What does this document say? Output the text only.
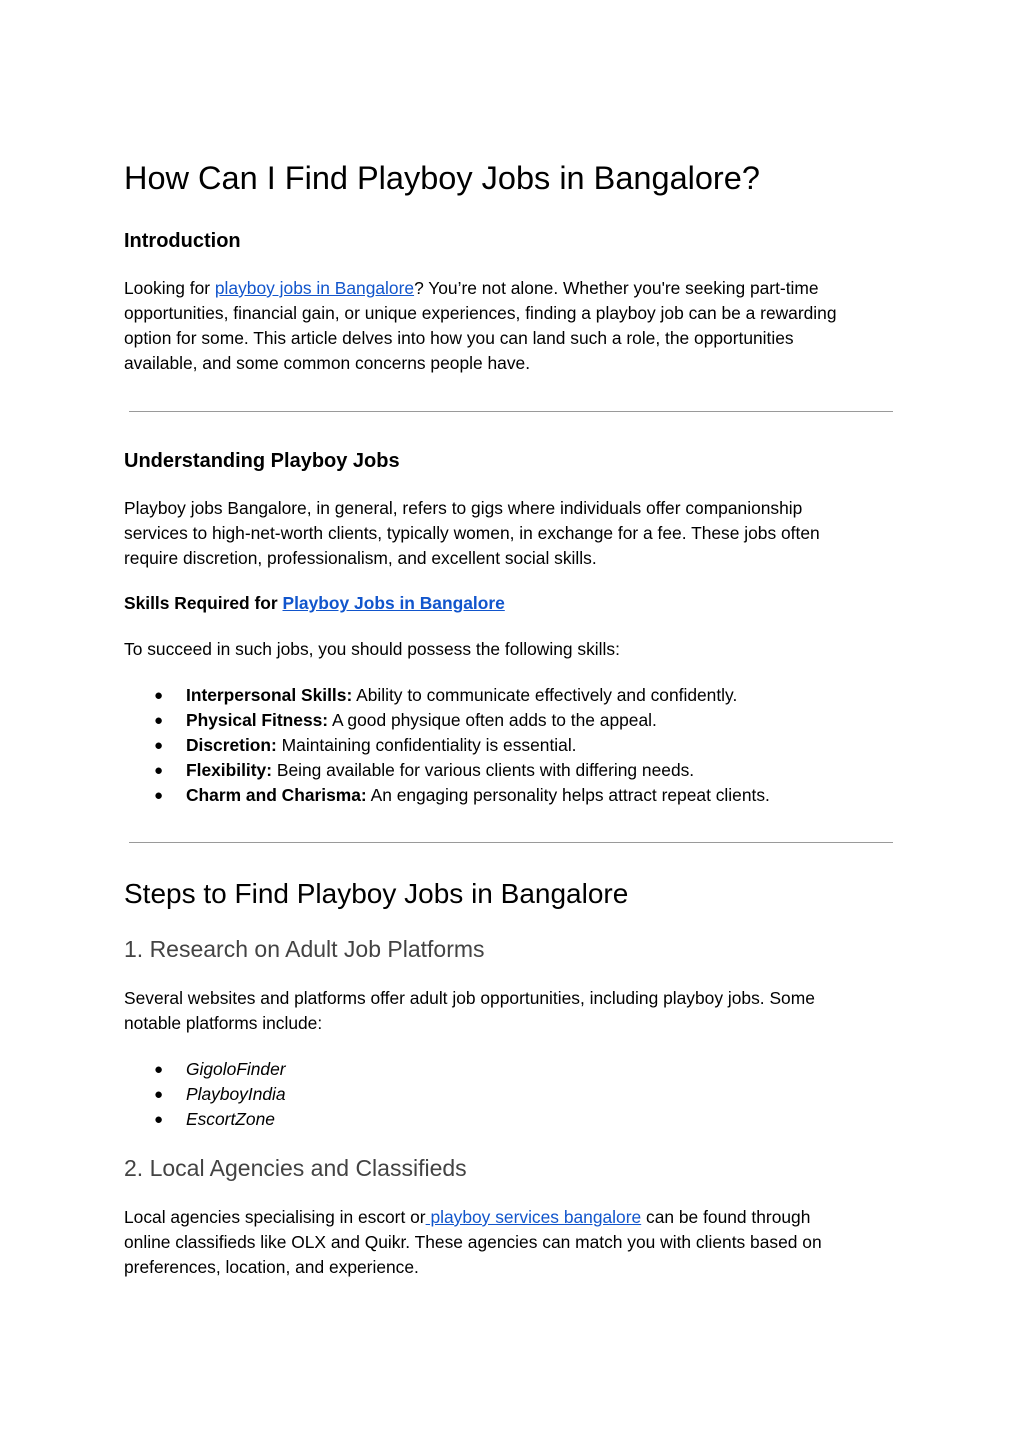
How Can I Find Playboy Jobs in Bangalore?
Introduction
Looking for playboy jobs in Bangalore? You’re not alone. Whether you're seeking part-time
opportunities, financial gain, or unique experiences, finding a playboy job can be a rewarding
option for some. This article delves into how you can land such a role, the opportunities
available, and some common concerns people have.
Understanding Playboy Jobs
Playboy jobs Bangalore, in general, refers to gigs where individuals offer companionship
services to high-net-worth clients, typically women, in exchange for a fee. These jobs often
require discretion, professionalism, and excellent social skills.
Skills Required for Playboy Jobs in Bangalore
To succeed in such jobs, you should possess the following skills:
● Interpersonal Skills: Ability to communicate effectively and confidently.
● Physical Fitness: A good physique often adds to the appeal.
● Discretion: Maintaining confidentiality is essential.
● Flexibility: Being available for various clients with differing needs.
● Charm and Charisma: An engaging personality helps attract repeat clients.
Steps to Find Playboy Jobs in Bangalore
1. Research on Adult Job Platforms
Several websites and platforms offer adult job opportunities, including playboy jobs. Some
notable platforms include:
● GigoloFinder
● PlayboyIndia
● EscortZone
2. Local Agencies and Classifieds
Local agencies specialising in escort or playboy services bangalore can be found through
online classifieds like OLX and Quikr. These agencies can match you with clients based on
preferences, location, and experience.
